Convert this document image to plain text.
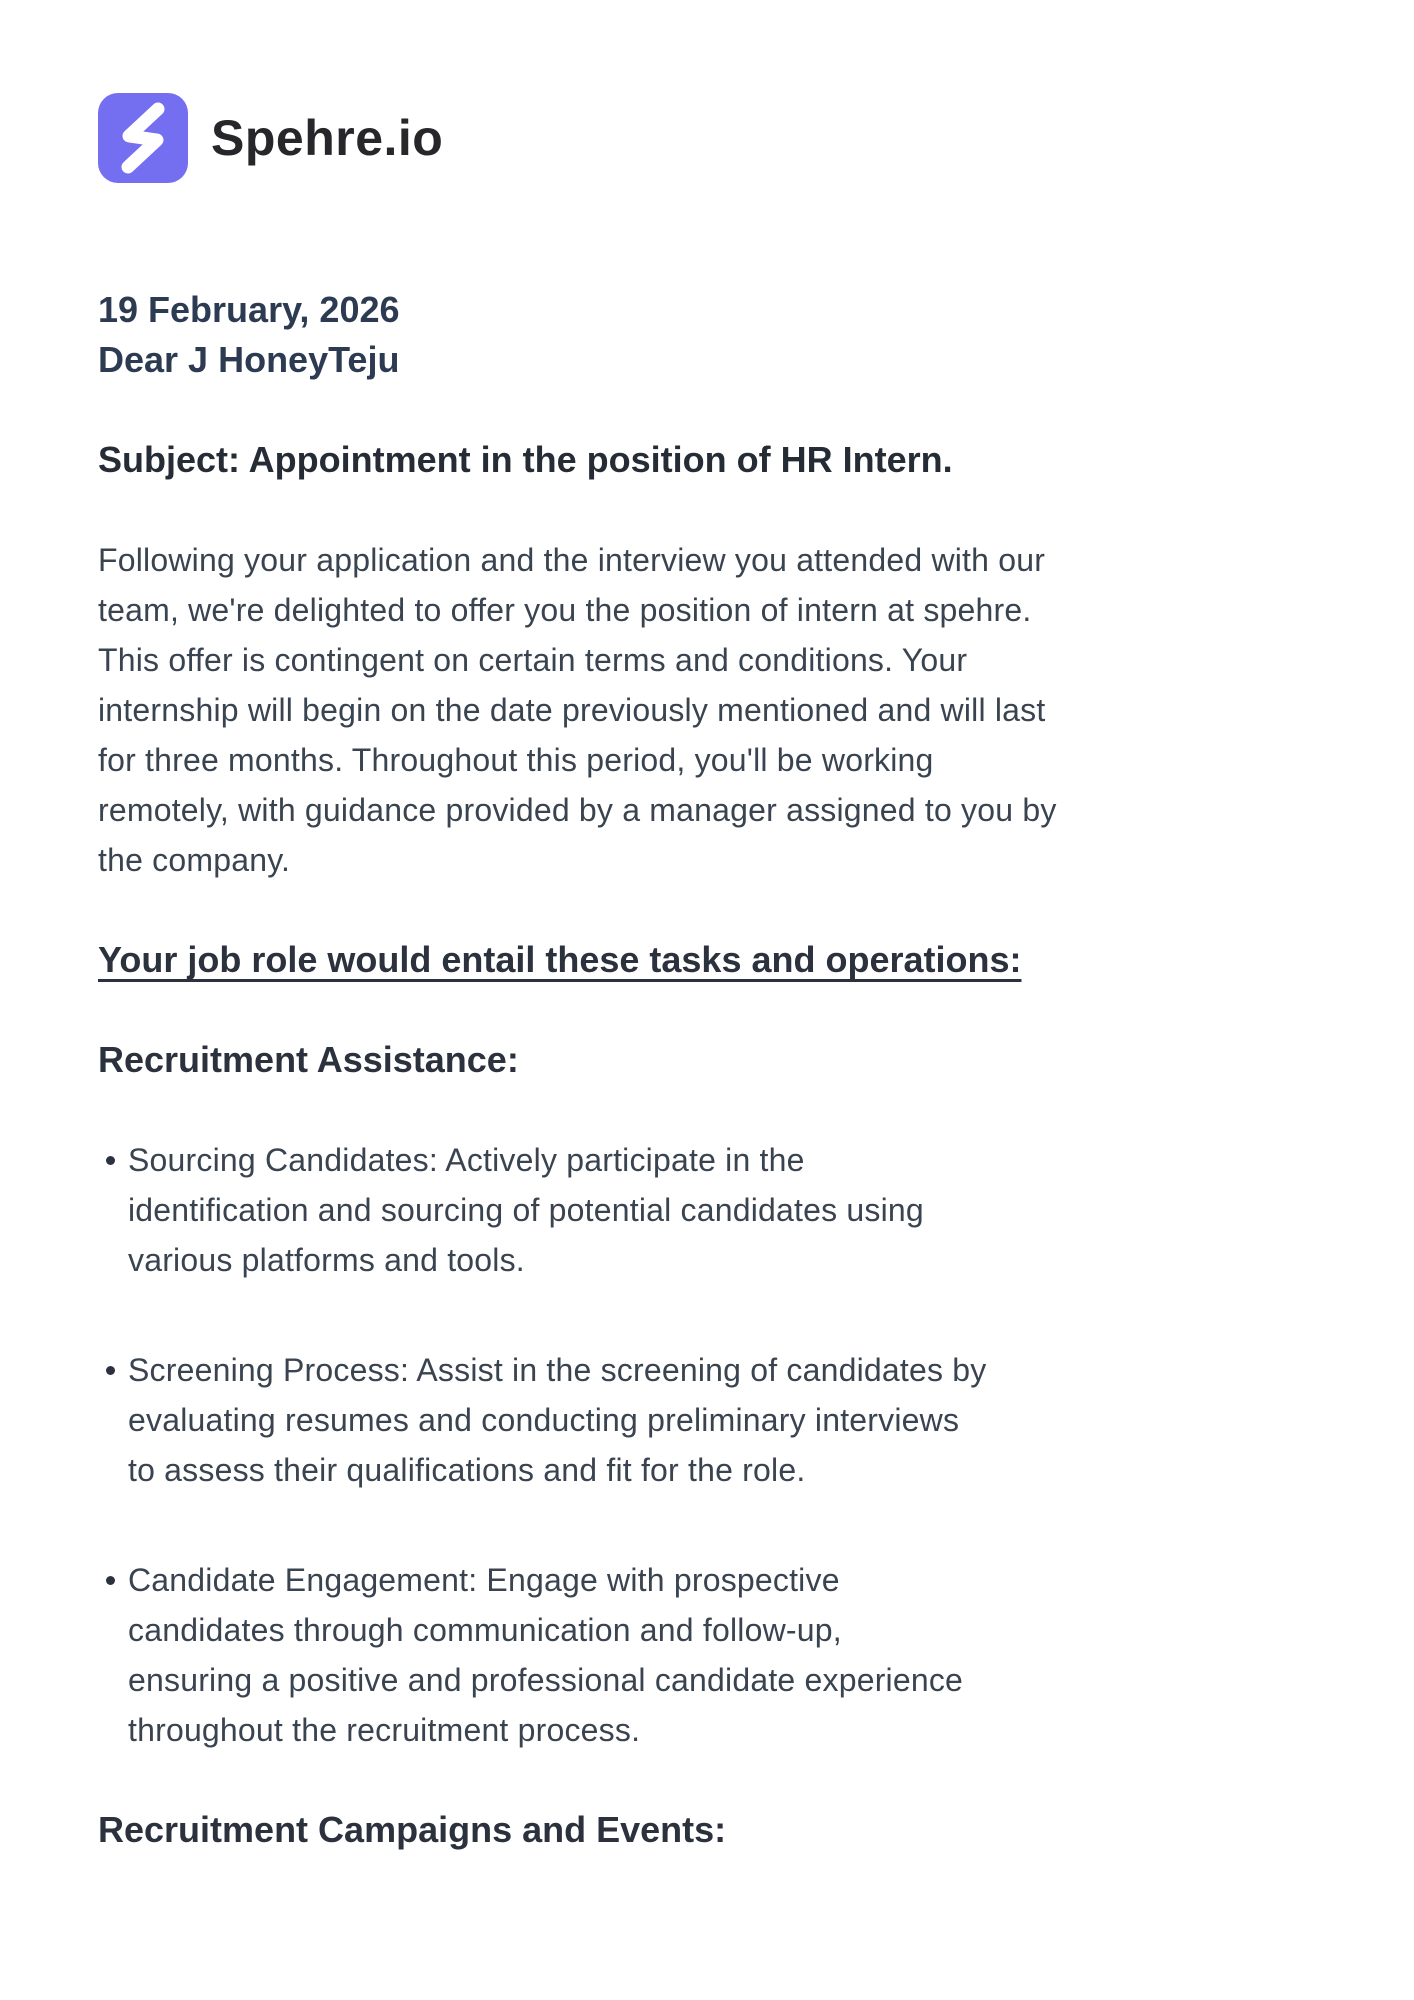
Spehre.io
19 February, 2026
Dear J HoneyTeju
Subject: Appointment in the position of HR Intern.
Following your application and the interview you attended with our
team, we're delighted to offer you the position of intern at spehre.
This offer is contingent on certain terms and conditions. Your
internship will begin on the date previously mentioned and will last
for three months. Throughout this period, you'll be working
remotely, with guidance provided by a manager assigned to you by
the company.
Your job role would entail these tasks and operations:
Recruitment Assistance:
Sourcing Candidates: Actively participate in the
identification and sourcing of potential candidates using
various platforms and tools.
Screening Process: Assist in the screening of candidates by
evaluating resumes and conducting preliminary interviews
to assess their qualifications and fit for the role.
Candidate Engagement: Engage with prospective
candidates through communication and follow-up,
ensuring a positive and professional candidate experience
throughout the recruitment process.
Recruitment Campaigns and Events:
